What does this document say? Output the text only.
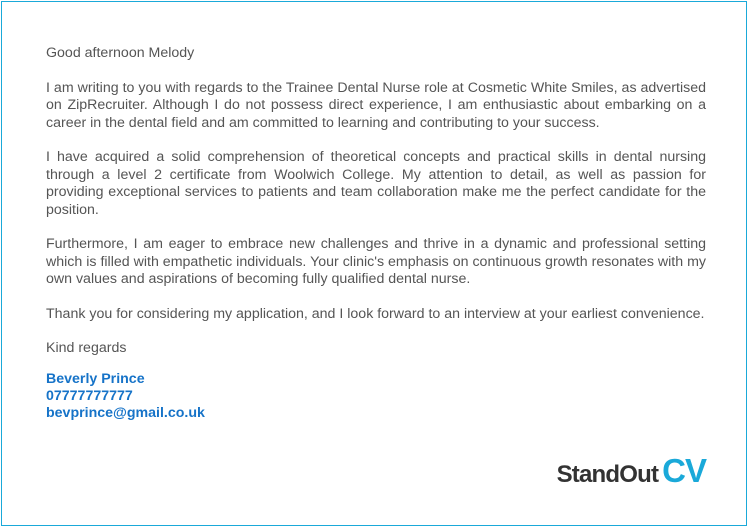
Good afternoon Melody

I am writing to you with regards to the Trainee Dental Nurse role at Cosmetic White Smiles, as advertised on ZipRecruiter. Although I do not possess direct experience, I am enthusiastic about embarking on a career in the dental field and am committed to learning and contributing to your success.

I have acquired a solid comprehension of theoretical concepts and practical skills in dental nursing through a level 2 certificate from Woolwich College. My attention to detail, as well as passion for providing exceptional services to patients and team collaboration make me the perfect candidate for the position.

Furthermore, I am eager to embrace new challenges and thrive in a dynamic and professional setting which is filled with empathetic individuals. Your clinic's emphasis on continuous growth resonates with my own values and aspirations of becoming fully qualified dental nurse.

Thank you for considering my application, and I look forward to an interview at your earliest convenience.

Kind regards

Beverly Prince
07777777777
bevprince@gmail.co.uk
StandOut CV
